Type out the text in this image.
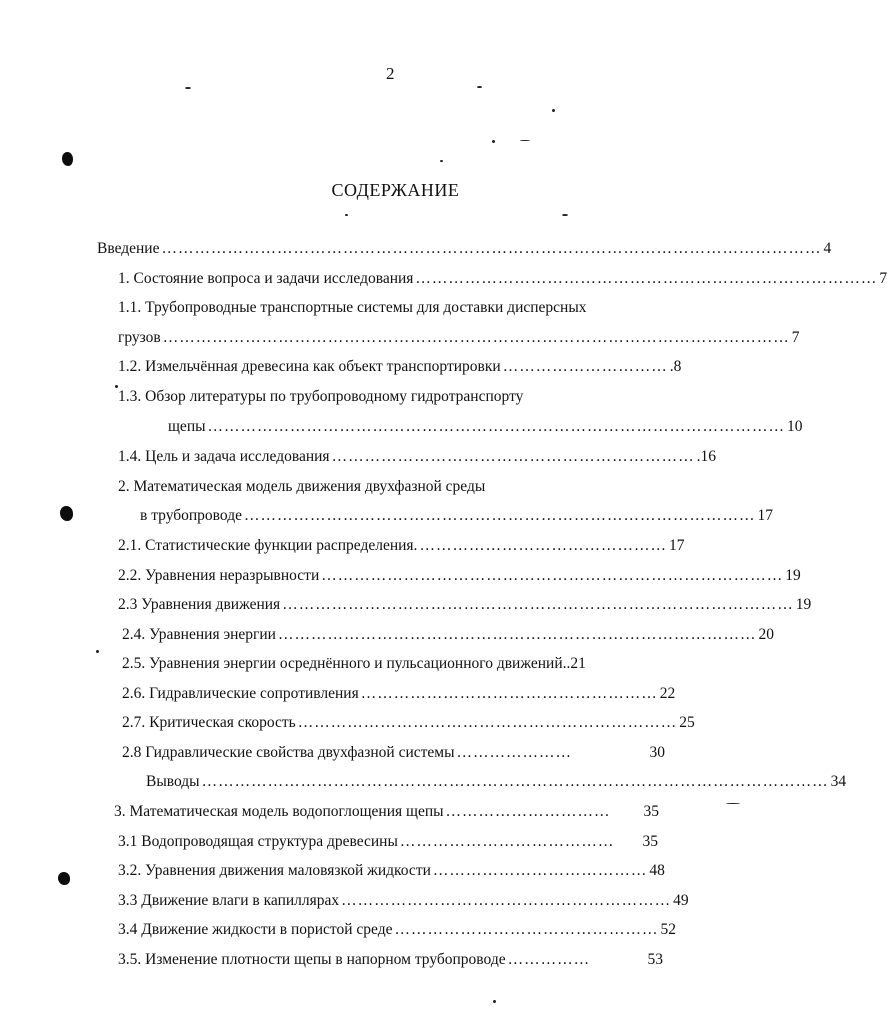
2
СОДЕРЖАНИЕ
Введение ………………………………………………………………………………………………………… 4
1. Состояние вопроса и задачи исследования ………………………………………………………………………… 7
1.1. Трубопроводные транспортные системы для доставки дисперсных
грузов …………………………………………………………………………………………………… 7
1.2. Измельчённая древесина как объект транспортировки ………………………… .8
1.3. Обзор литературы по трубопроводному гидротранспорту
щепы …………………………………………………………………………………………… 10
1.4. Цель и задача исследования ………………………………………………………… .16
2. Математическая модель движения двухфазной среды
в трубопроводе ………………………………………………………………………………… 17
2.1. Статистические функции распределения. ……………………………………… 17
2.2. Уравнения неразрывности ………………………………………………………………………… 19
2.3 Уравнения движения ………………………………………………………………………………… 19
2.4. Уравнения энергии …………………………………………………………………………… 20
2.5. Уравнения энергии осреднённого и пульсационного движений.. 21
2.6. Гидравлические сопротивления ……………………………………………… 22
2.7. Критическая скорость …………………………………………………………… 25
2.8 Гидравлические свойства двухфазной системы …………………	30
Выводы …………………………………………………………………………………………………… 34
3. Математическая модель водопоглощения щепы …………………………	35
3.1 Водопроводящая структура древесины …………………………………	35
3.2. Уравнения движения маловязкой жидкости ………………………………… 48
3.3 Движение влаги в капиллярах …………………………………………………… 49
3.4 Движение жидкости в пористой среде ………………………………………… 52
3.5. Изменение плотности щепы в напорном трубопроводе ……………	53
